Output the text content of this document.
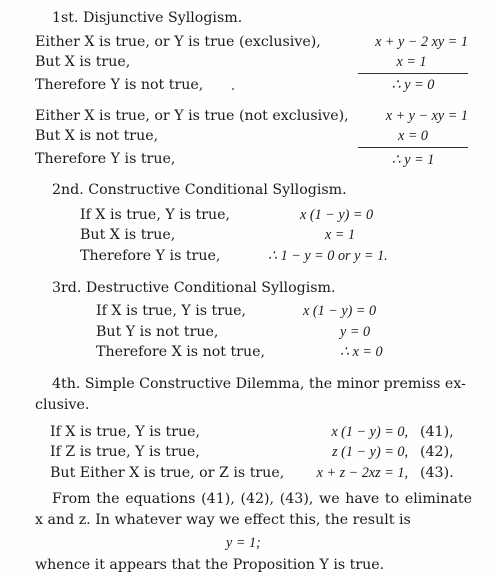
1st. Disjunctive Syllogism.
Either X is true, or Y is true (exclusive),	x + y − 2 xy = 1
But X is true,	x = 1
Therefore Y is not true,	∴ y = 0
Either X is true, or Y is true (not exclusive),	x + y − xy = 1
But X is not true,	x = 0
Therefore Y is true,	∴ y = 1
2nd. Constructive Conditional Syllogism.
If X is true, Y is true,	x (1 − y) = 0
But X is true,	x = 1
Therefore Y is true,	∴ 1 − y = 0 or y = 1.
3rd. Destructive Conditional Syllogism.
If X is true, Y is true,	x (1 − y) = 0
But Y is not true,	y = 0
Therefore X is not true,	∴ x = 0
4th. Simple Constructive Dilemma, the minor premiss ex-
clusive.
If X is true, Y is true,	x (1 − y) = 0, (41),
If Z is true, Y is true,	z (1 − y) = 0, (42),
But Either X is true, or Z is true,	x + z − 2xz = 1, (43).
From the equations (41), (42), (43), we have to eliminate
x and z. In whatever way we effect this, the result is
y = 1;
whence it appears that the Proposition Y is true.
